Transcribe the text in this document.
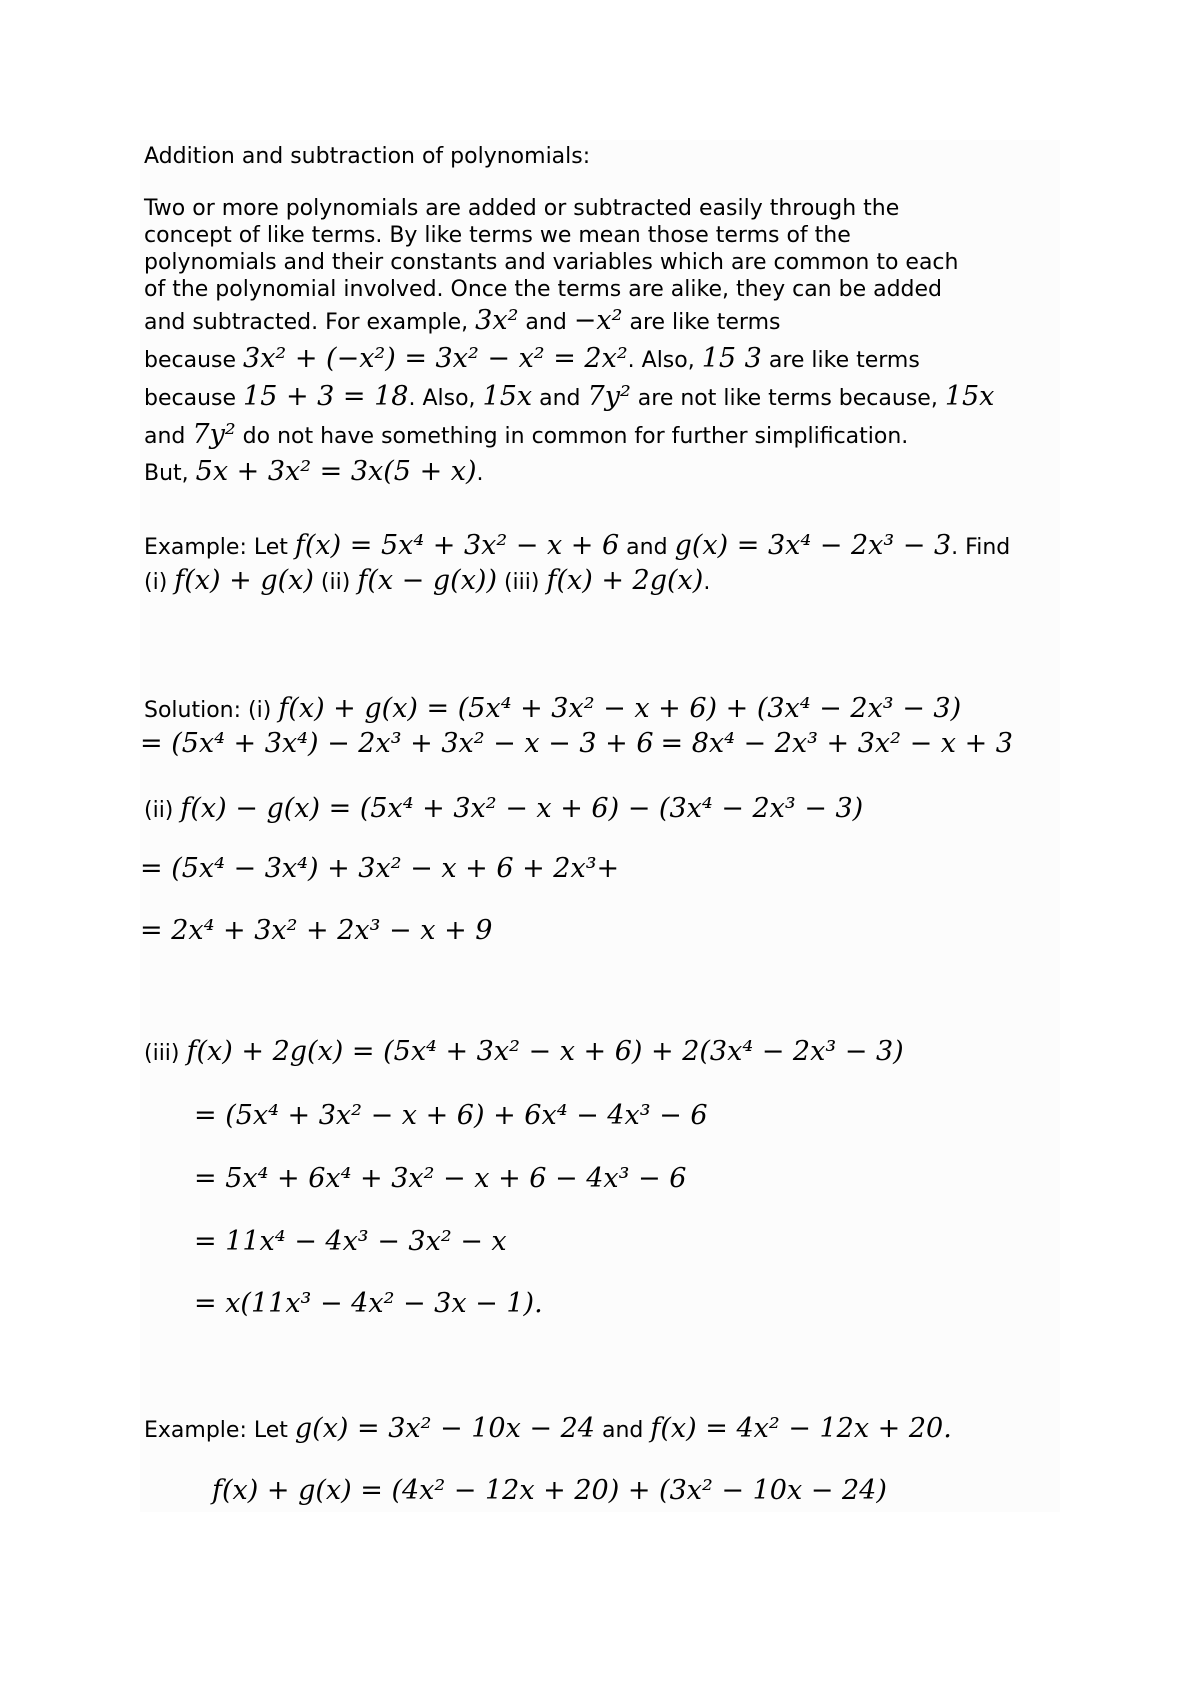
Addition and subtraction of polynomials:
Two or more polynomials are added or subtracted easily through the
concept of like terms. By like terms we mean those terms of the
polynomials and their constants and variables which are common to each
of the polynomial involved. Once the terms are alike, they can be added
and subtracted. For example, 3x² and −x² are like terms
because 3x² + (−x²) = 3x² − x² = 2x². Also, 15 3 are like terms
because 15 + 3 = 18. Also, 15x and 7y² are not like terms because, 15x
and 7y² do not have something in common for further simplification.
But, 5x + 3x² = 3x(5 + x).
Example: Let f(x) = 5x⁴ + 3x² − x + 6 and g(x) = 3x⁴ − 2x³ − 3. Find
(i) f(x) + g(x) (ii) f(x − g(x)) (iii) f(x) + 2g(x).
Solution: (i) f(x) + g(x) = (5x⁴ + 3x² − x + 6) + (3x⁴ − 2x³ − 3)
= (5x⁴ + 3x⁴) − 2x³ + 3x² − x − 3 + 6 = 8x⁴ − 2x³ + 3x² − x + 3
(ii) f(x) − g(x) = (5x⁴ + 3x² − x + 6) − (3x⁴ − 2x³ − 3)
= (5x⁴ − 3x⁴) + 3x² − x + 6 + 2x³+
= 2x⁴ + 3x² + 2x³ − x + 9
(iii) f(x) + 2g(x) = (5x⁴ + 3x² − x + 6) + 2(3x⁴ − 2x³ − 3)
= (5x⁴ + 3x² − x + 6) + 6x⁴ − 4x³ − 6
= 5x⁴ + 6x⁴ + 3x² − x + 6 − 4x³ − 6
= 11x⁴ − 4x³ − 3x² − x
= x(11x³ − 4x² − 3x − 1).
Example: Let g(x) = 3x² − 10x − 24 and f(x) = 4x² − 12x + 20.
f(x) + g(x) = (4x² − 12x + 20) + (3x² − 10x − 24)
